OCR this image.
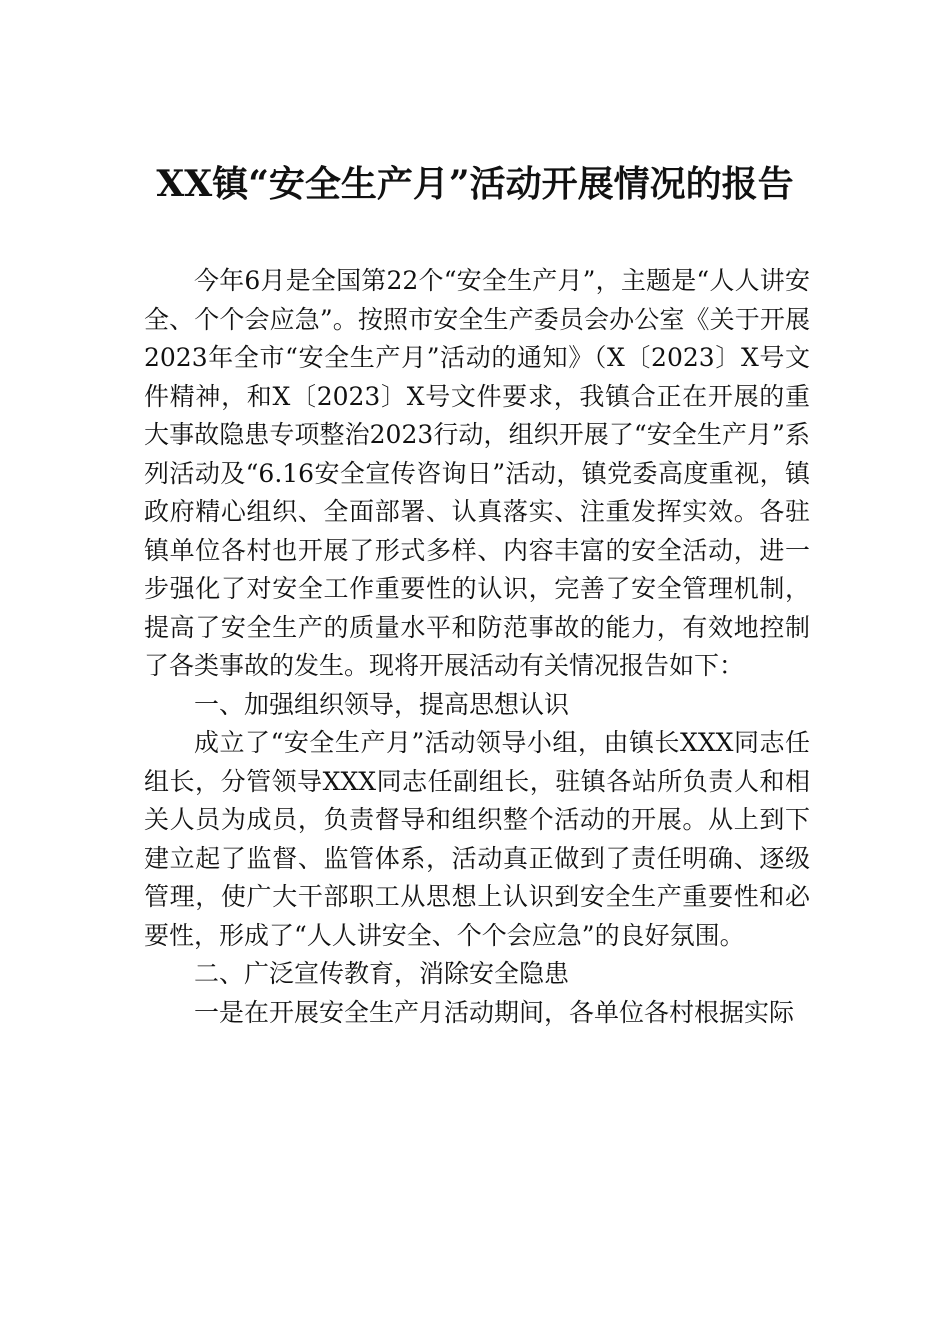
XX镇“安全生产月”活动开展情况的报告

今年6月是全国第22个“安全生产月”，主题是“人人讲安全、个个会应急”。按照市安全生产委员会办公室《关于开展2023年全市“安全生产月”活动的通知》（X〔2023〕X号文件精神，和X〔2023〕X号文件要求，我镇合正在开展的重大事故隐患专项整治2023行动，组织开展了“安全生产月”系列活动及“6.16安全宣传咨询日”活动，镇党委高度重视，镇政府精心组织、全面部署、认真落实、注重发挥实效。各驻镇单位各村也开展了形式多样、内容丰富的安全活动，进一步强化了对安全工作重要性的认识，完善了安全管理机制，提高了安全生产的质量水平和防范事故的能力，有效地控制了各类事故的发生。现将开展活动有关情况报告如下：

一、加强组织领导，提高思想认识

成立了“安全生产月”活动领导小组，由镇长XXX同志任组长，分管领导XXX同志任副组长，驻镇各站所负责人和相关人员为成员，负责督导和组织整个活动的开展。从上到下建立起了监督、监管体系，活动真正做到了责任明确、逐级管理，使广大干部职工从思想上认识到安全生产重要性和必要性，形成了“人人讲安全、个个会应急”的良好氛围。

二、广泛宣传教育，消除安全隐患

一是在开展安全生产月活动期间，各单位各村根据实际
